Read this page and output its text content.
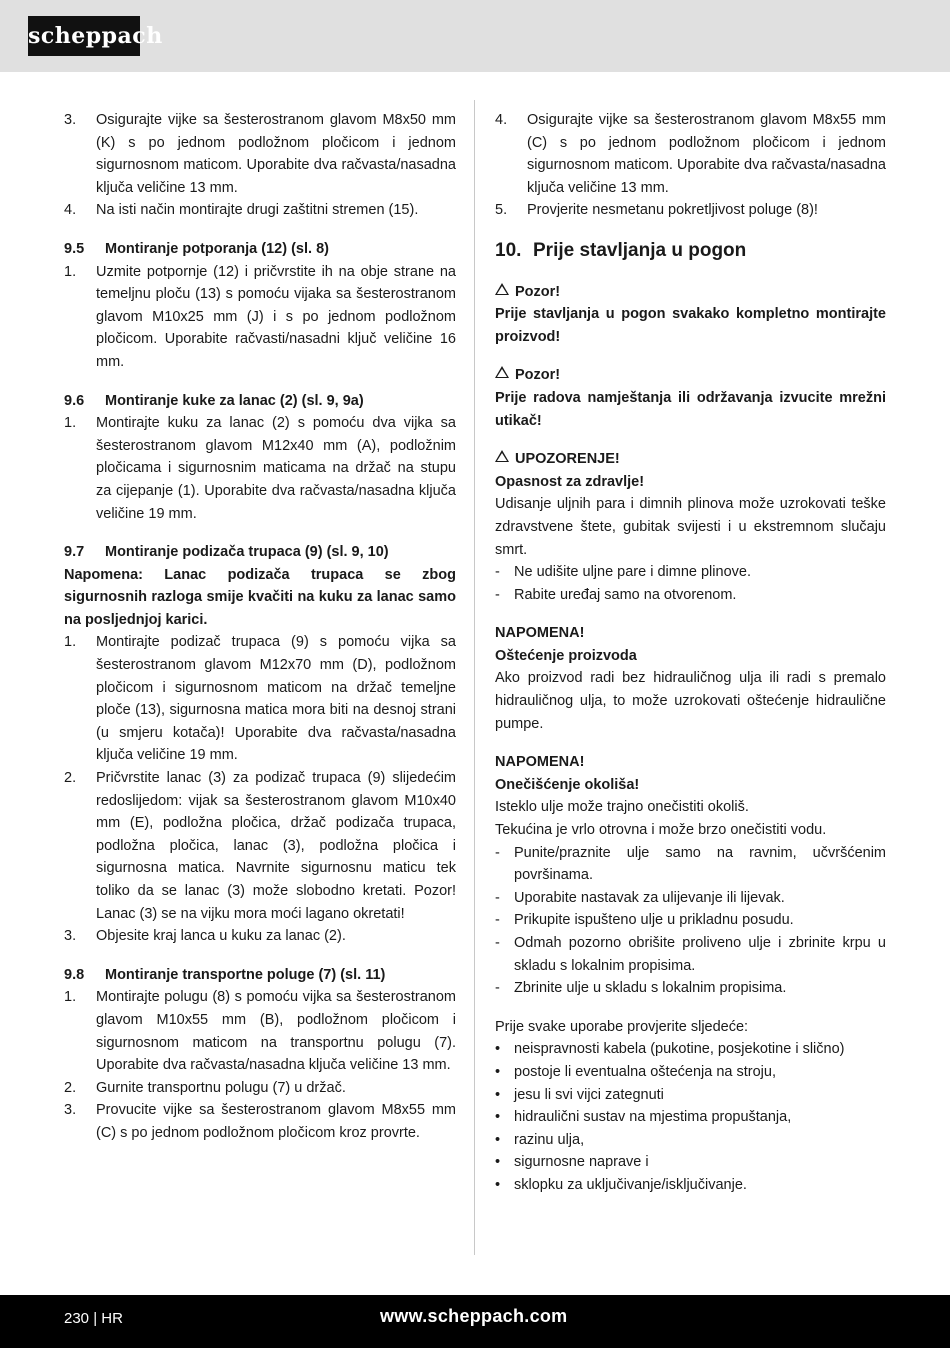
scheppach
3.	Osigurajte vijke sa šesterostranom glavom M8x50 mm (K) s po jednom podložnom pločicom i jednom sigurnosnom maticom. Uporabite dva račvasta/nasadna ključa veličine 13 mm.
4.	Na isti način montirajte drugi zaštitni stremen (15).
9.5	Montiranje potporanja (12) (sl. 8)
1.	Uzmite potpornje (12) i pričvrstite ih na obje strane na temeljnu ploču (13) s pomoću vijaka sa šesterostranom glavom M10x25 mm (J) i s po jednom podložnom pločicom. Uporabite račvasti/nasadni ključ veličine 16 mm.
9.6	Montiranje kuke za lanac (2) (sl. 9, 9a)
1.	Montirajte kuku za lanac (2) s pomoću dva vijka sa šesterostranom glavom M12x40 mm (A), podložnim pločicama i sigurnosnim maticama na držač na stupu za cijepanje (1). Uporabite dva račvasta/nasadna ključa veličine 19 mm.
9.7	Montiranje podizača trupaca (9) (sl. 9, 10)
Napomena: Lanac podizača trupaca se zbog sigurnosnih razloga smije kvačiti na kuku za lanac samo na posljednjoj karici.
1.	Montirajte podizač trupaca (9) s pomoću vijka sa šesterostranom glavom M12x70 mm (D), podložnom pločicom i sigurnosnom maticom na držač temeljne ploče (13), sigurnosna matica mora biti na desnoj strani (u smjeru kotača)! Uporabite dva račvasta/nasadna ključa veličine 19 mm.
2.	Pričvrstite lanac (3) za podizač trupaca (9) slijedećim redoslijedom: vijak sa šesterostranom glavom M10x40 mm (E), podložna pločica, držač podizača trupaca, podložna pločica, lanac (3), podložna pločica i sigurnosna matica. Navrnite sigurnosnu maticu tek toliko da se lanac (3) može slobodno kretati. Pozor! Lanac (3) se na vijku mora moći lagano okretati!
3.	Objesite kraj lanca u kuku za lanac (2).
9.8	Montiranje transportne poluge (7) (sl. 11)
1.	Montirajte polugu (8) s pomoću vijka sa šesterostranom glavom M10x55 mm (B), podložnom pločicom i sigurnosnom maticom na transportnu polugu (7). Uporabite dva račvasta/nasadna ključa veličine 13 mm.
2.	Gurnite transportnu polugu (7) u držač.
3.	Provucite vijke sa šesterostranom glavom M8x55 mm (C) s po jednom podložnom pločicom kroz provrte.
4.	Osigurajte vijke sa šesterostranom glavom M8x55 mm (C) s po jednom podložnom pločicom i jednom sigurnosnom maticom. Uporabite dva račvasta/nasadna ključa veličine 13 mm.
5.	Provjerite nesmetanu pokretljivost poluge (8)!
10. Prije stavljanja u pogon
Pozor!
Prije stavljanja u pogon svakako kompletno montirajte proizvod!
Pozor!
Prije radova namještanja ili održavanja izvucite mrežni utikač!
UPOZORENJE!
Opasnost za zdravlje!
Udisanje uljnih para i dimnih plinova može uzrokovati teške zdravstvene štete, gubitak svijesti i u ekstremnom slučaju smrt.
- Ne udišite uljne pare i dimne plinove.
- Rabite uređaj samo na otvorenom.
NAPOMENA!
Oštećenje proizvoda
Ako proizvod radi bez hidrauličnog ulja ili radi s premalo hidrauličnog ulja, to može uzrokovati oštećenje hidraulične pumpe.
NAPOMENA!
Onečišćenje okoliša!
Isteklo ulje može trajno onečistiti okoliš.
Tekućina je vrlo otrovna i može brzo onečistiti vodu.
- Punite/praznite ulje samo na ravnim, učvršćenim površinama.
- Uporabite nastavak za ulijevanje ili lijevak.
- Prikupite ispušteno ulje u prikladnu posudu.
- Odmah pozorno obrišite proliveno ulje i zbrinite krpu u skladu s lokalnim propisima.
- Zbrinite ulje u skladu s lokalnim propisima.
Prije svake uporabe provjerite sljedeće:
• neispravnosti kabela (pukotine, posjekotine i slično)
• postoje li eventualna oštećenja na stroju,
• jesu li svi vijci zategnuti
• hidraulični sustav na mjestima propuštanja,
• razinu ulja,
• sigurnosne naprave i
• sklopku za uključivanje/isključivanje.
230 | HR	www.scheppach.com
